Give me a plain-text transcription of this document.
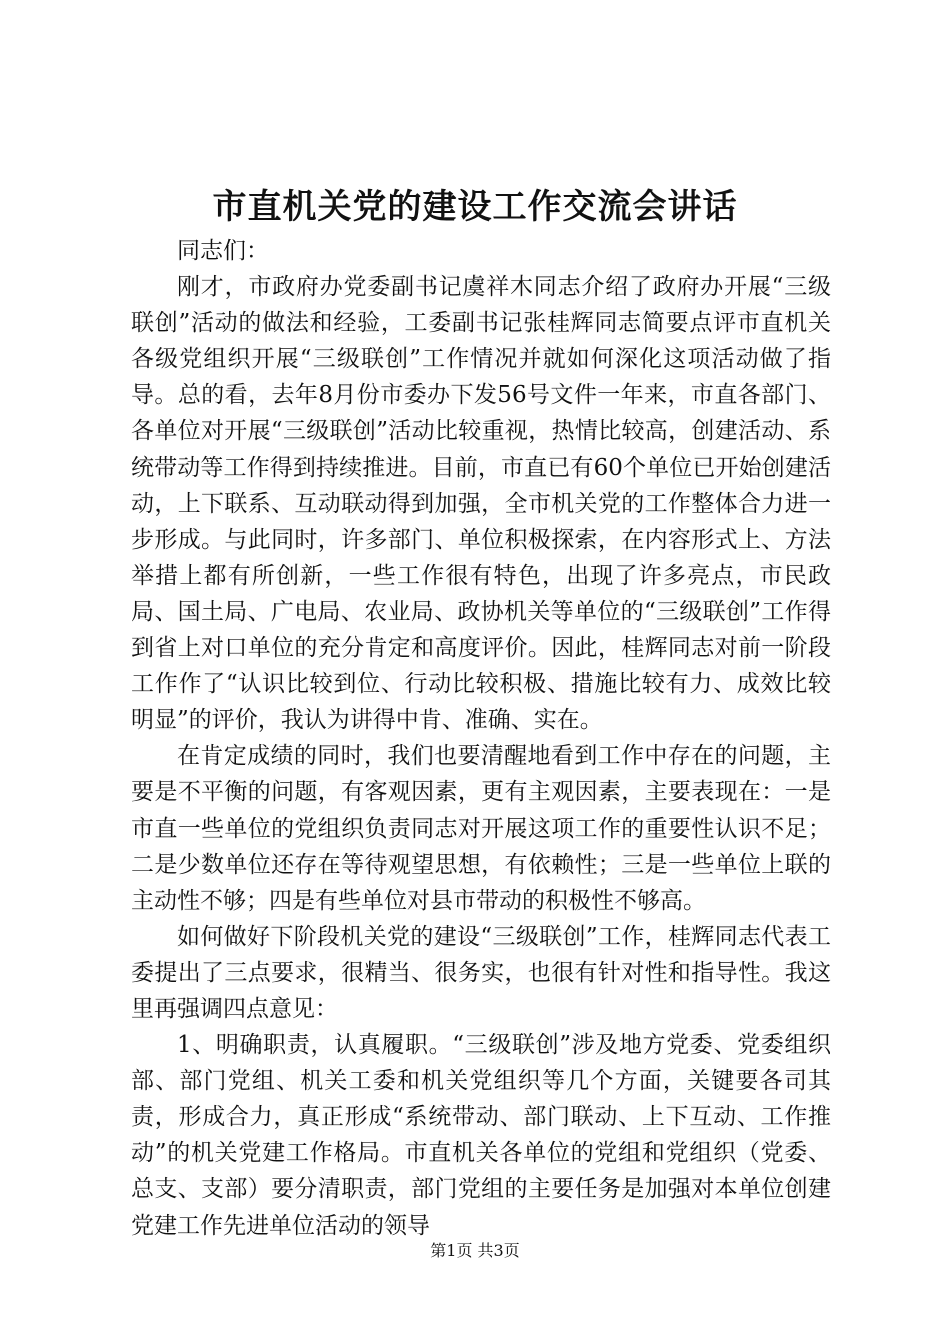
市直机关党的建设工作交流会讲话

同志们：

刚才，市政府办党委副书记虞祥木同志介绍了政府办开展“三级联创”活动的做法和经验，工委副书记张桂辉同志简要点评市直机关各级党组织开展“三级联创”工作情况并就如何深化这项活动做了指导。总的看，去年8月份市委办下发56号文件一年来，市直各部门、各单位对开展“三级联创”活动比较重视，热情比较高，创建活动、系统带动等工作得到持续推进。目前，市直已有60个单位已开始创建活动，上下联系、互动联动得到加强，全市机关党的工作整体合力进一步形成。与此同时，许多部门、单位积极探索，在内容形式上、方法举措上都有所创新，一些工作很有特色，出现了许多亮点，市民政局、国土局、广电局、农业局、政协机关等单位的“三级联创”工作得到省上对口单位的充分肯定和高度评价。因此，桂辉同志对前一阶段工作作了“认识比较到位、行动比较积极、措施比较有力、成效比较明显”的评价，我认为讲得中肯、准确、实在。

在肯定成绩的同时，我们也要清醒地看到工作中存在的问题，主要是不平衡的问题，有客观因素，更有主观因素，主要表现在：一是市直一些单位的党组织负责同志对开展这项工作的重要性认识不足；二是少数单位还存在等待观望思想，有依赖性；三是一些单位上联的主动性不够；四是有些单位对县市带动的积极性不够高。

如何做好下阶段机关党的建设“三级联创”工作，桂辉同志代表工委提出了三点要求，很精当、很务实，也很有针对性和指导性。我这里再强调四点意见：

1、明确职责，认真履职。“三级联创”涉及地方党委、党委组织部、部门党组、机关工委和机关党组织等几个方面，关键要各司其责，形成合力，真正形成“系统带动、部门联动、上下互动、工作推动”的机关党建工作格局。市直机关各单位的党组和党组织（党委、总支、支部）要分清职责，部门党组的主要任务是加强对本单位创建党建工作先进单位活动的领导

第1页 共3页
